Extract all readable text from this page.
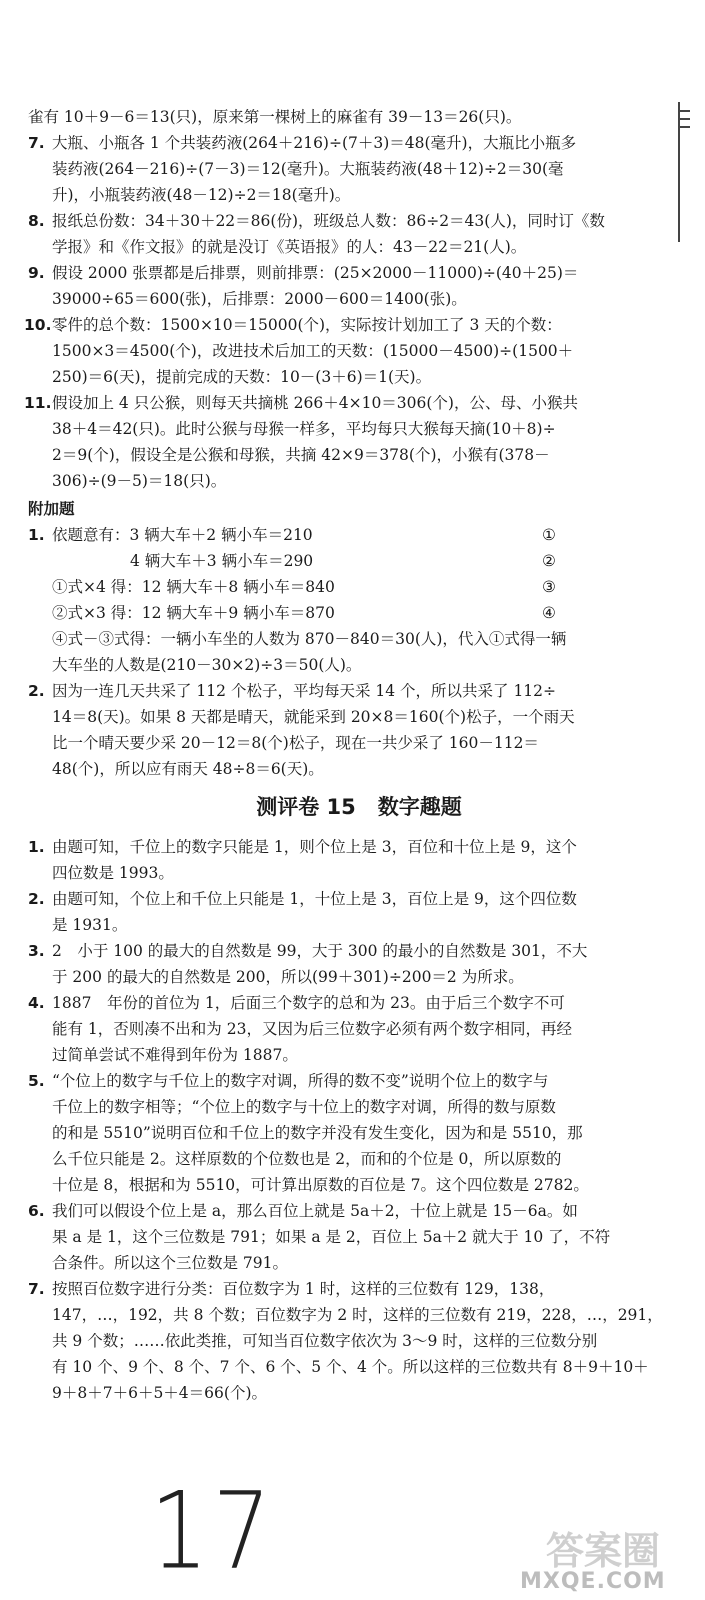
雀有 10＋9－6＝13(只)，原来第一棵树上的麻雀有 39－13＝26(只)。
7. 大瓶、小瓶各 1 个共装药液(264＋216)÷(7＋3)＝48(毫升)，大瓶比小瓶多
装药液(264－216)÷(7－3)＝12(毫升)。大瓶装药液(48＋12)÷2＝30(毫
升)，小瓶装药液(48－12)÷2＝18(毫升)。
8. 报纸总份数：34＋30＋22＝86(份)，班级总人数：86÷2＝43(人)，同时订《数
学报》和《作文报》的就是没订《英语报》的人：43－22＝21(人)。
9. 假设 2000 张票都是后排票，则前排票：(25×2000－11000)÷(40＋25)＝
39000÷65＝600(张)，后排票：2000－600＝1400(张)。
10. 零件的总个数：1500×10＝15000(个)，实际按计划加工了 3 天的个数：
1500×3＝4500(个)，改进技术后加工的天数：(15000－4500)÷(1500＋
250)＝6(天)，提前完成的天数：10－(3＋6)＝1(天)。
11. 假设加上 4 只公猴，则每天共摘桃 266＋4×10＝306(个)，公、母、小猴共
38＋4＝42(只)。此时公猴与母猴一样多，平均每只大猴每天摘(10＋8)÷
2＝9(个)，假设全是公猴和母猴，共摘 42×9＝378(个)，小猴有(378－
306)÷(9－5)＝18(只)。
附加题
1. 依题意有：3 辆大车＋2 辆小车＝210	①
4 辆大车＋3 辆小车＝290	②
①式×4 得：12 辆大车＋8 辆小车＝840	③
②式×3 得：12 辆大车＋9 辆小车＝870	④
④式－③式得：一辆小车坐的人数为 870－840＝30(人)，代入①式得一辆
大车坐的人数是(210－30×2)÷3＝50(人)。
2. 因为一连几天共采了 112 个松子，平均每天采 14 个，所以共采了 112÷
14＝8(天)。如果 8 天都是晴天，就能采到 20×8＝160(个)松子，一个雨天
比一个晴天要少采 20－12＝8(个)松子，现在一共少采了 160－112＝
48(个)，所以应有雨天 48÷8＝6(天)。
测评卷 15 数字趣题
1. 由题可知，千位上的数字只能是 1，则个位上是 3，百位和十位上是 9，这个
四位数是 1993。
2. 由题可知，个位上和千位上只能是 1，十位上是 3，百位上是 9，这个四位数
是 1931。
3. 2　小于 100 的最大的自然数是 99，大于 300 的最小的自然数是 301，不大
于 200 的最大的自然数是 200，所以(99＋301)÷200＝2 为所求。
4. 1887　年份的首位为 1，后面三个数字的总和为 23。由于后三个数字不可
能有 1，否则凑不出和为 23，又因为后三位数字必须有两个数字相同，再经
过简单尝试不难得到年份为 1887。
5. “个位上的数字与千位上的数字对调，所得的数不变”说明个位上的数字与
千位上的数字相等；“个位上的数字与十位上的数字对调，所得的数与原数
的和是 5510”说明百位和千位上的数字并没有发生变化，因为和是 5510，那
么千位只能是 2。这样原数的个位数也是 2，而和的个位是 0，所以原数的
十位是 8，根据和为 5510，可计算出原数的百位是 7。这个四位数是 2782。
6. 我们可以假设个位上是 a，那么百位上就是 5a＋2，十位上就是 15－6a。如
果 a 是 1，这个三位数是 791；如果 a 是 2，百位上 5a＋2 就大于 10 了，不符
合条件。所以这个三位数是 791。
7. 按照百位数字进行分类：百位数字为 1 时，这样的三位数有 129，138，
147，…，192，共 8 个数；百位数字为 2 时，这样的三位数有 219，228，…，291，
共 9 个数；……依此类推，可知当百位数字依次为 3～9 时，这样的三位数分别
有 10 个、9 个、8 个、7 个、6 个、5 个、4 个。所以这样的三位数共有 8＋9＋10＋
9＋8＋7＋6＋5＋4＝66(个)。
17	答案圈
MXQE.COM
